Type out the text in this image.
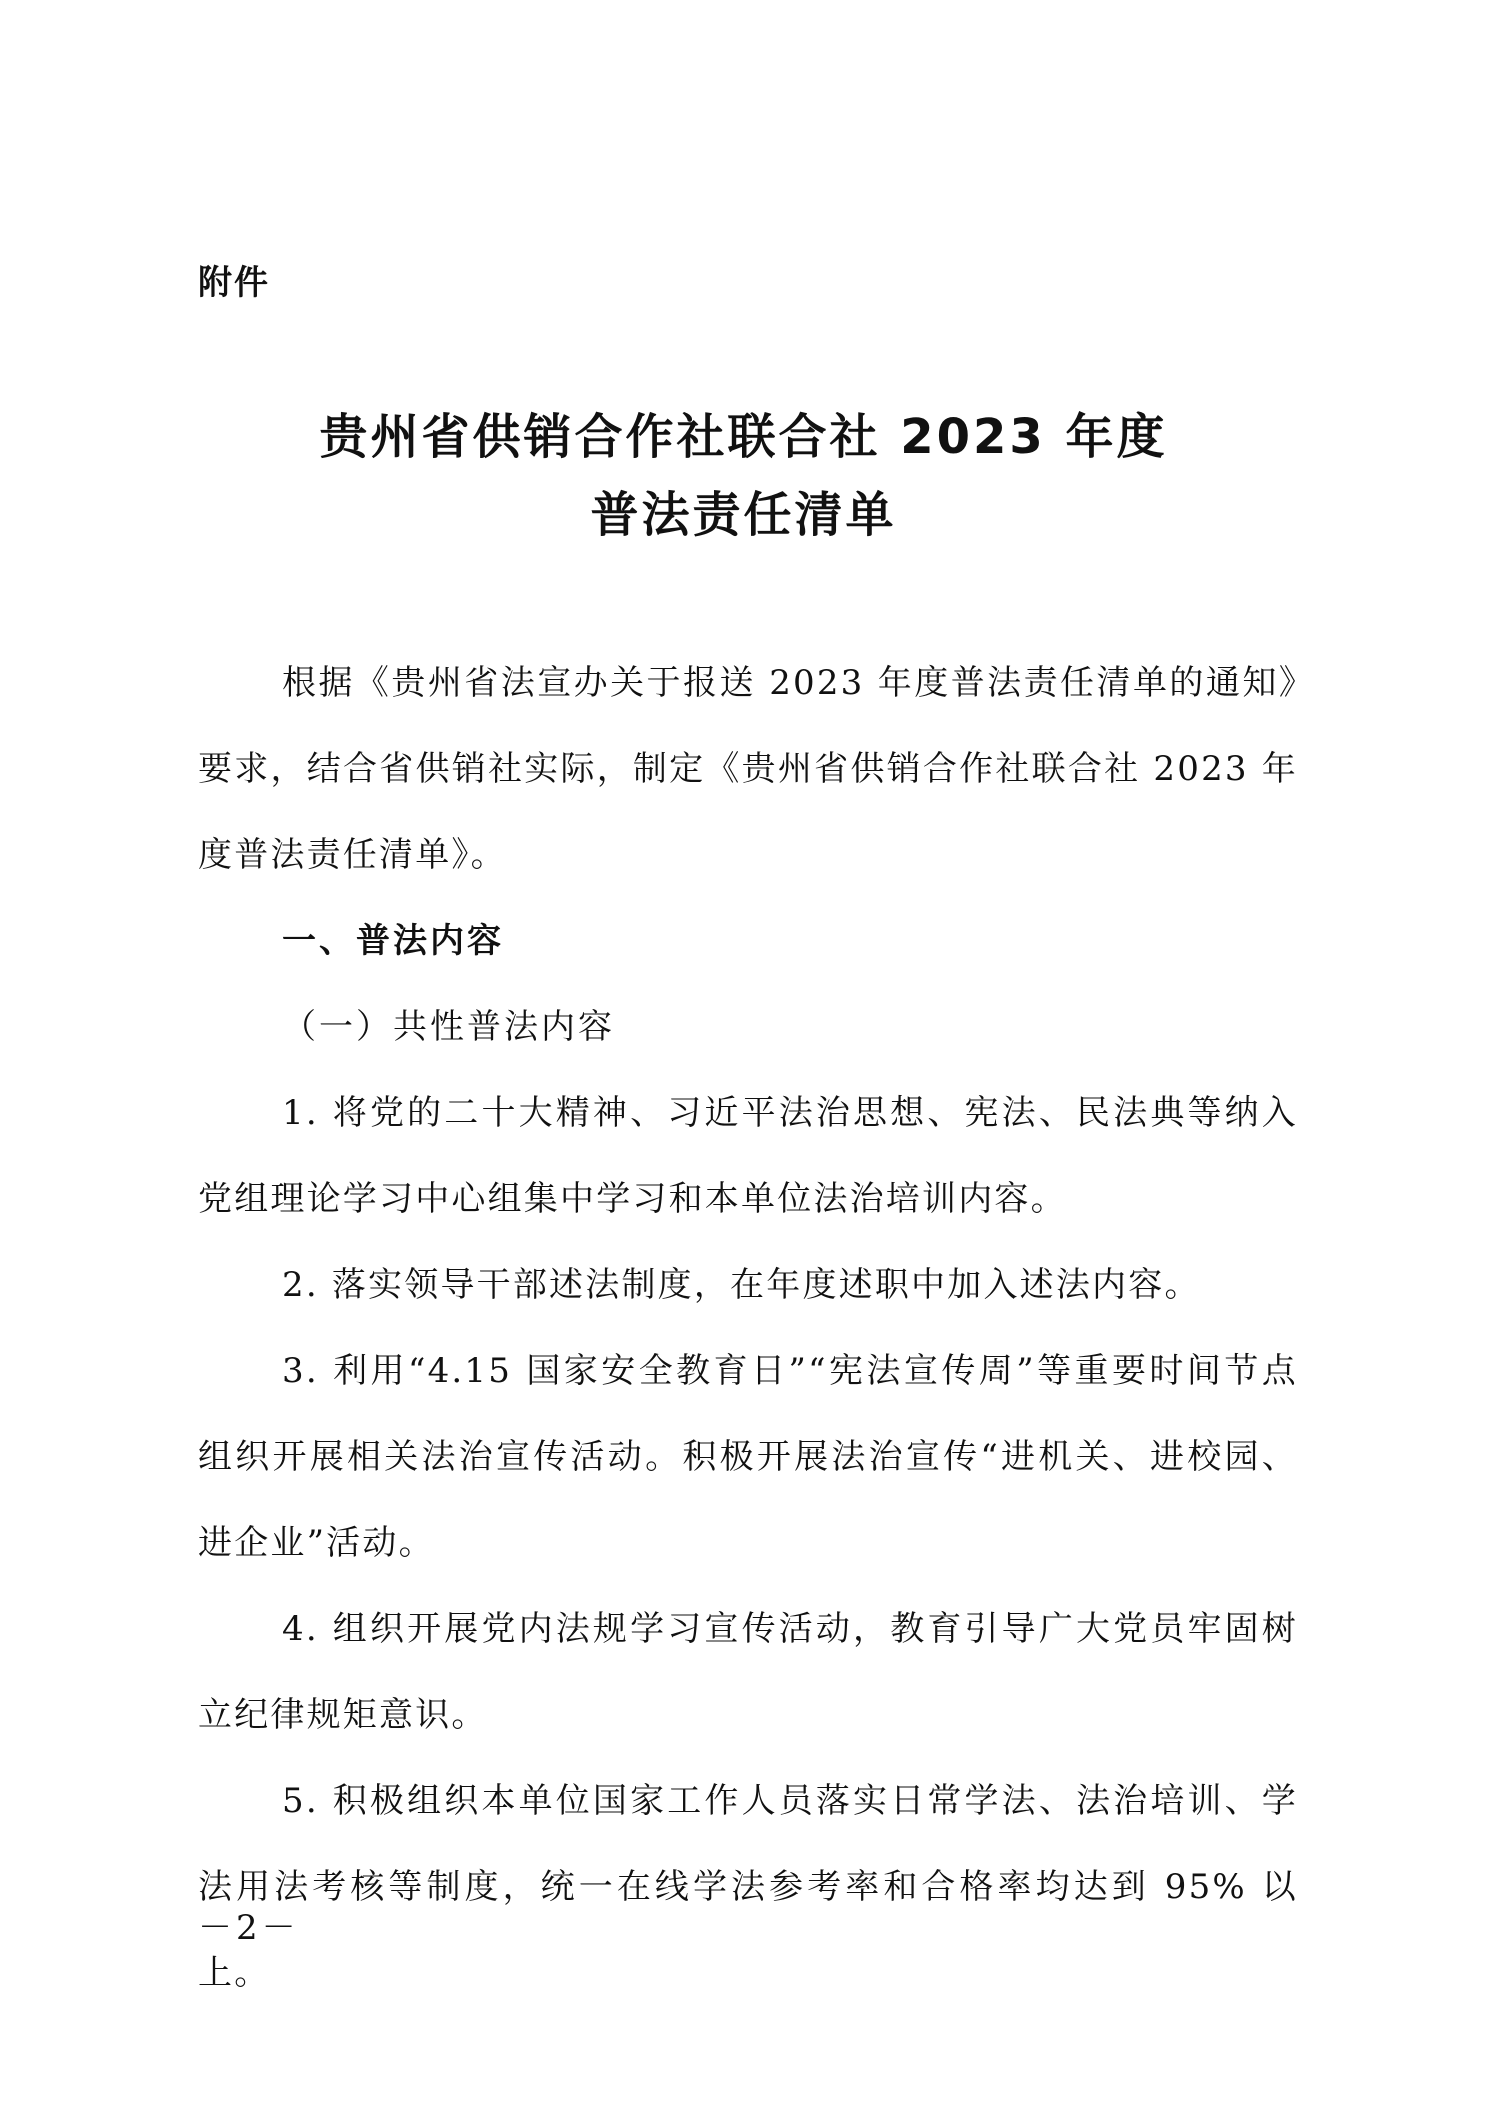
附件
贵州省供销合作社联合社 2023 年度
普法责任清单

根据《贵州省法宣办关于报送 2023 年度普法责任清单的通知》要求，结合省供销社实际，制定《贵州省供销合作社联合社 2023 年度普法责任清单》。

一、普法内容

（一）共性普法内容

1. 将党的二十大精神、习近平法治思想、宪法、民法典等纳入党组理论学习中心组集中学习和本单位法治培训内容。

2. 落实领导干部述法制度，在年度述职中加入述法内容。

3. 利用“4.15 国家安全教育日”“宪法宣传周”等重要时间节点组织开展相关法治宣传活动。积极开展法治宣传“进机关、进校园、进企业”活动。

4. 组织开展党内法规学习宣传活动，教育引导广大党员牢固树立纪律规矩意识。

5. 积极组织本单位国家工作人员落实日常学法、法治培训、学法用法考核等制度，统一在线学法参考率和合格率均达到 95% 以上。

－2－
